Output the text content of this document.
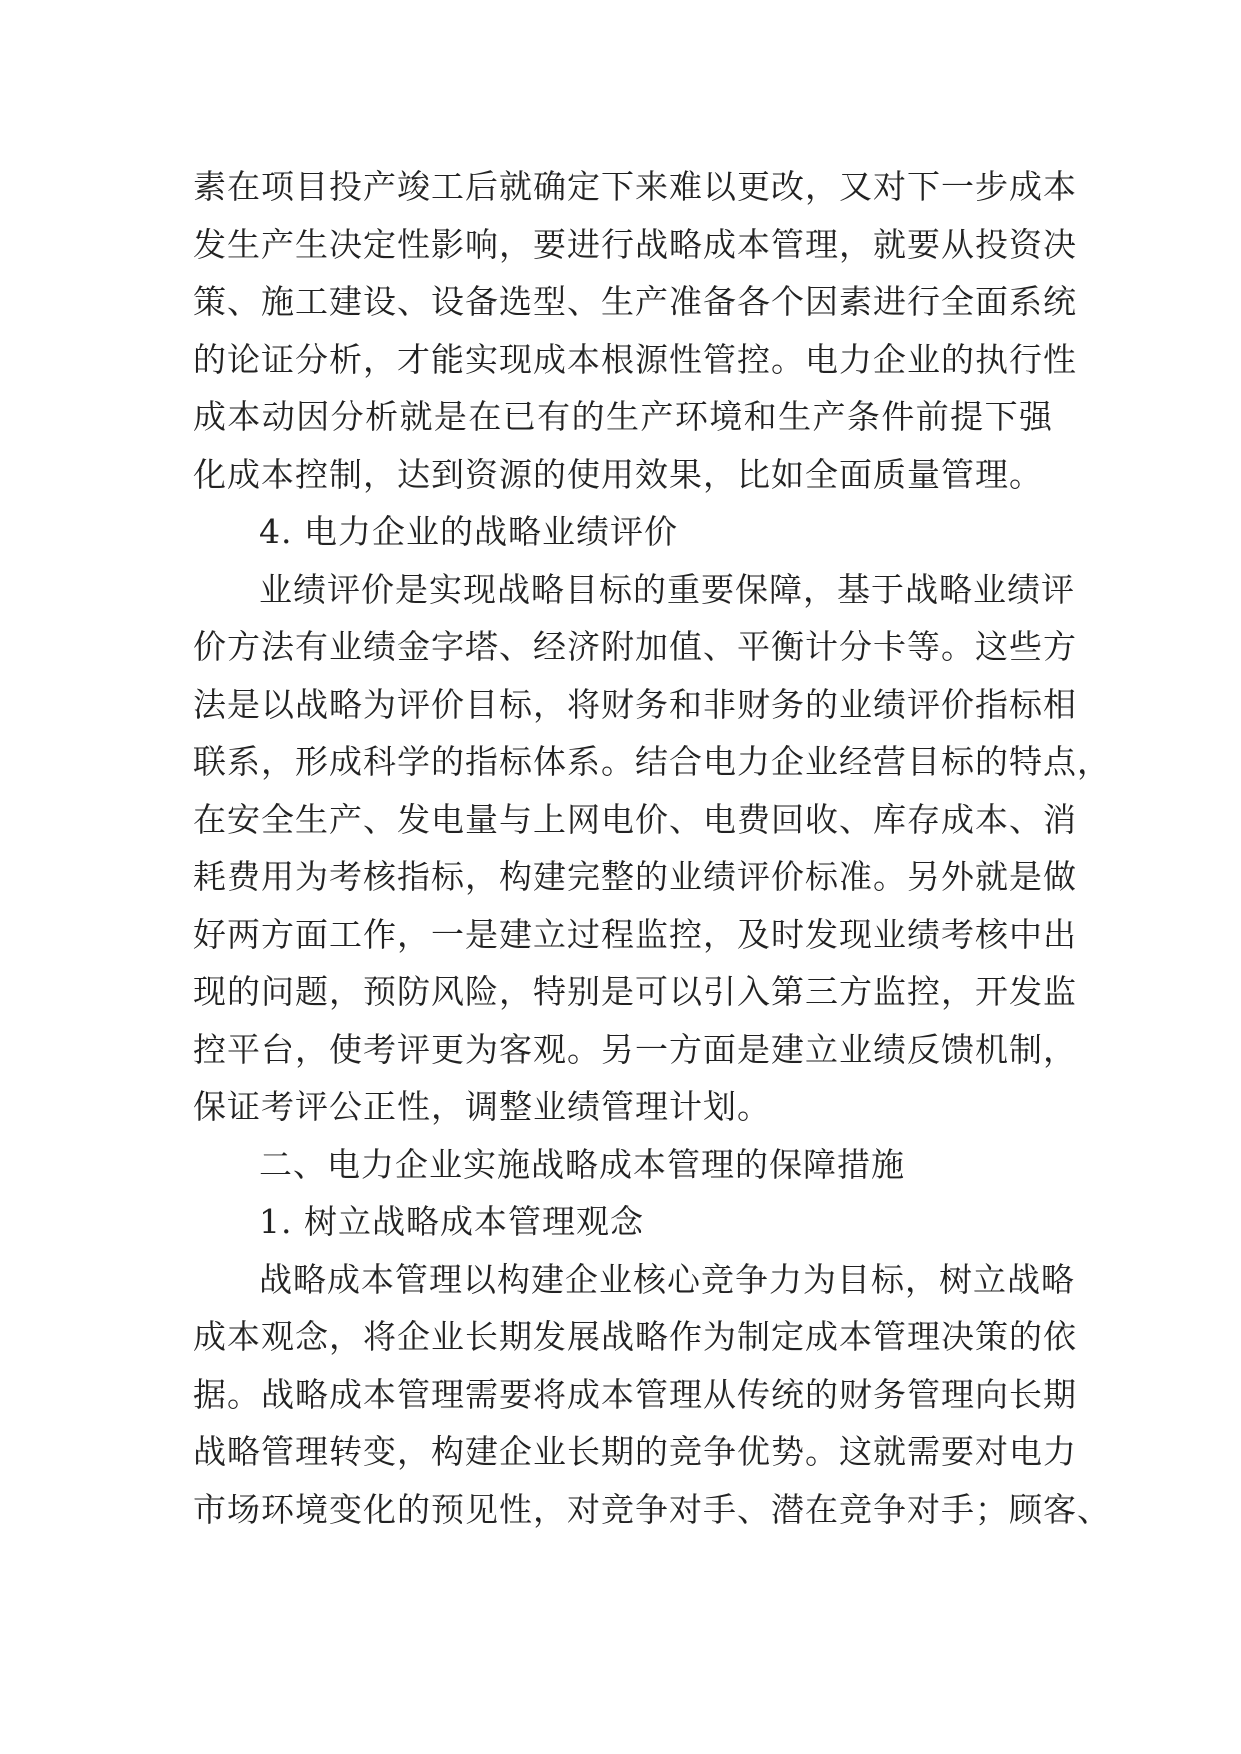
素在项目投产竣工后就确定下来难以更改，又对下一步成本
发生产生决定性影响，要进行战略成本管理，就要从投资决
策、施工建设、设备选型、生产准备各个因素进行全面系统
的论证分析，才能实现成本根源性管控。电力企业的执行性
成本动因分析就是在已有的生产环境和生产条件前提下强
化成本控制，达到资源的使用效果，比如全面质量管理。
4. 电力企业的战略业绩评价
业绩评价是实现战略目标的重要保障，基于战略业绩评
价方法有业绩金字塔、经济附加值、平衡计分卡等。这些方
法是以战略为评价目标，将财务和非财务的业绩评价指标相
联系，形成科学的指标体系。结合电力企业经营目标的特点，
在安全生产、发电量与上网电价、电费回收、库存成本、消
耗费用为考核指标，构建完整的业绩评价标准。另外就是做
好两方面工作，一是建立过程监控，及时发现业绩考核中出
现的问题，预防风险，特别是可以引入第三方监控，开发监
控平台，使考评更为客观。另一方面是建立业绩反馈机制，
保证考评公正性，调整业绩管理计划。
二、电力企业实施战略成本管理的保障措施
1. 树立战略成本管理观念
战略成本管理以构建企业核心竞争力为目标，树立战略
成本观念，将企业长期发展战略作为制定成本管理决策的依
据。战略成本管理需要将成本管理从传统的财务管理向长期
战略管理转变，构建企业长期的竞争优势。这就需要对电力
市场环境变化的预见性，对竞争对手、潜在竞争对手；顾客、
